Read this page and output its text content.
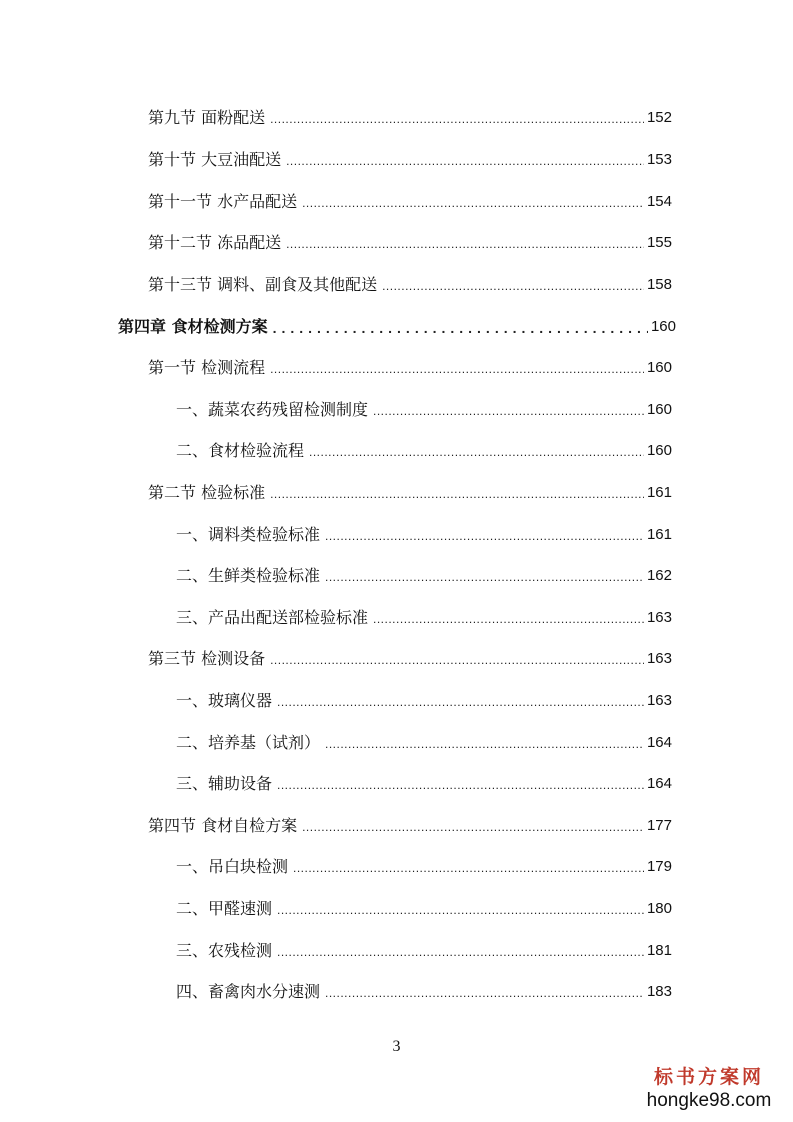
第九节 面粉配送 .....	152
第十节 大豆油配送 .....	153
第十一节 水产品配送 .....	154
第十二节 冻品配送 .....	155
第十三节 调料、副食及其他配送 .....	158
第四章 食材检测方案 .....	160
第一节 检测流程 .....	160
一、蔬菜农药残留检测制度 .....	160
二、食材检验流程 .....	160
第二节 检验标准 .....	161
一、调料类检验标准 .....	161
二、生鲜类检验标准 .....	162
三、产品出配送部检验标准 .....	163
第三节 检测设备 .....	163
一、玻璃仪器 .....	163
二、培养基（试剂） .....	164
三、辅助设备 .....	164
第四节 食材自检方案 .....	177
一、吊白块检测 .....	179
二、甲醛速测 .....	180
三、农残检测 .....	181
四、畜禽肉水分速测 .....	183
3
标书方案网
hongke98.com
